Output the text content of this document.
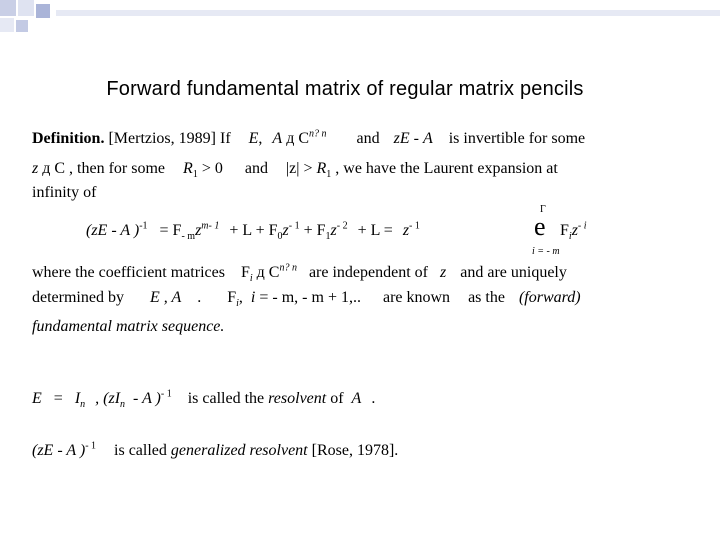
Forward fundamental matrix of regular matrix pencils
Definition. [Mertzios, 1989] If E, A д $C^{n? n}$ and zE - A is invertible for some
z д C , then for some $R_1 > 0$ and $|z| > R_1$ , we have the Laurent expansion at
infinity of
Γ
(zE - A )$^{-1} = F_{- m}z^{m- 1} + L + F_0z^{- 1} + F_1z^{- 2} + L = z^{- 1}$	e $F_iz^{- i}$
i = - m
where the coefficient matrices $F_i$ д $C^{n? n}$ are independent of z and are uniquely
determined by E , A . $F_i$, i = - m, - m + 1,.. are known as the (forward)
fundamental matrix sequence.
$E = I_n$ , ($zI_n$ - A )$^{- 1}$ is called the resolvent of A .
(zE - A )$^{- 1}$ is called generalized resolvent [Rose, 1978].
